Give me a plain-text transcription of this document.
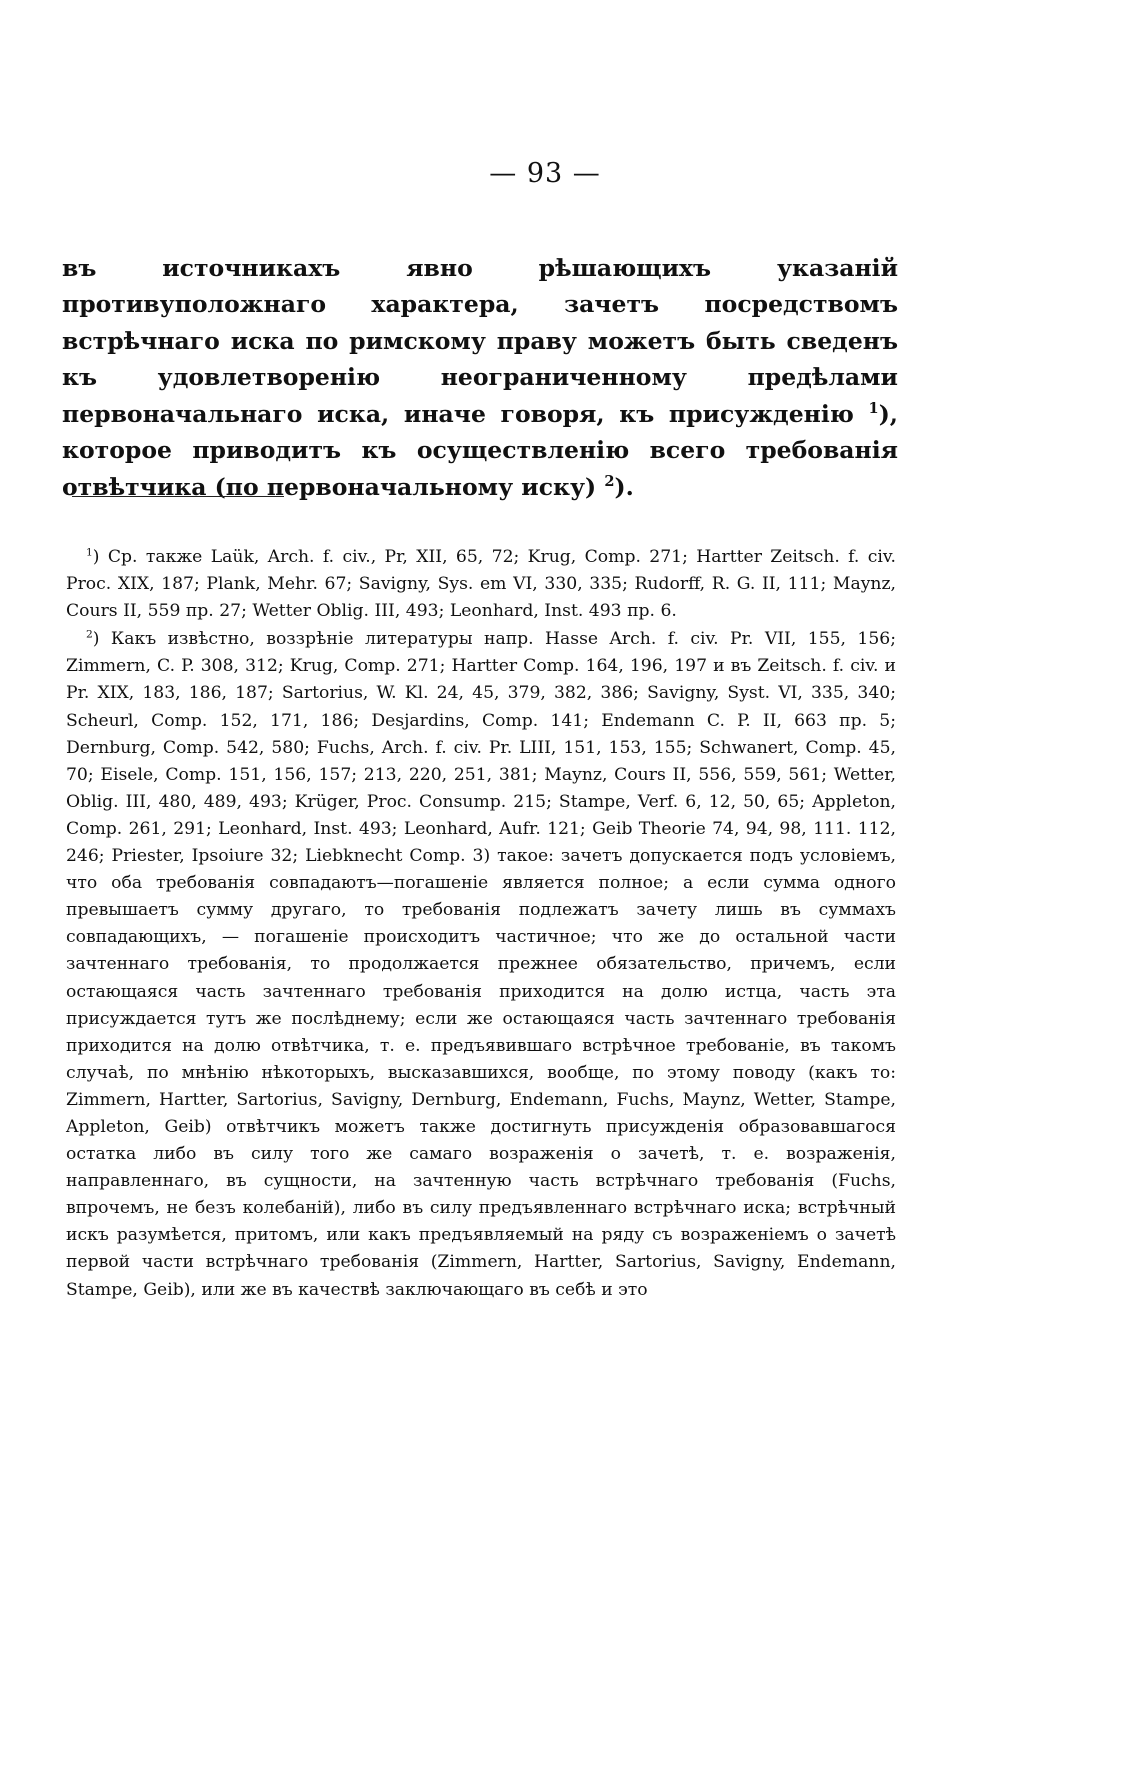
— 93 —

въ источникахъ явно рѣшающихъ указаній противуположнаго характера, зачетъ посредствомъ встрѣчнаго иска по римскому праву можетъ быть сведенъ къ удовлетворенію неограниченному предѣлами первоначальнаго иска, иначе говоря, къ присужденію $^1$), которое приводитъ къ осуществленію всего требованія отвѣтчика (по первоначальному иску) $^2$).

$^1$) Ср. также Laük, Arch. f. civ., Pr, XII, 65, 72; Krug, Comp. 271; Hartter Zeitsch. f. civ. Proc. XIX, 187; Plank, Mehr. 67; Savigny, Sys. em VI, 330, 335; Rudorff, R. G. II, 111; Maynz, Cours II, 559 пр. 27; Wetter Oblig. III, 493; Leonhard, Inst. 493 пр. 6.

$^2$) Какъ извѣстно, воззрѣніе литературы напр. Hasse Arch. f. civ. Pr. VII, 155, 156; Zimmern, C. P. 308, 312; Krug, Comp. 271; Hartter Comp. 164, 196, 197 и въ Zeitsch. f. civ. и Pr. XIX, 183, 186, 187; Sartorius, W. Kl. 24, 45, 379, 382, 386; Savigny, Syst. VI, 335, 340; Scheurl, Comp. 152, 171, 186; Desjardins, Comp. 141; Endemann C. P. II, 663 пр. 5; Dernburg, Comp. 542, 580; Fuchs, Arch. f. civ. Pr. LIII, 151, 153, 155; Schwanert, Comp. 45, 70; Eisele, Comp. 151, 156, 157; 213, 220, 251, 381; Maynz, Cours II, 556, 559, 561; Wetter, Oblig. III, 480, 489, 493; Krüger, Proc. Consump. 215; Stampe, Verf. 6, 12, 50, 65; Appleton, Comp. 261, 291; Leonhard, Inst. 493; Leonhard, Aufr. 121; Geib Theorie 74, 94, 98, 111. 112, 246; Priester, Ipsoiure 32; Liebknecht Comp. 3) такое: зачетъ допускается подъ условіемъ, что оба требованія совпадаютъ—погашеніе является полное; а если сумма одного превышаетъ сумму другаго, то требованія подлежатъ зачету лишь въ суммахъ совпадающихъ, — погашеніе происходитъ частичное; что же до остальной части зачтеннаго требованія, то продолжается прежнее обязательство, причемъ, если остающаяся часть зачтеннаго требованія приходится на долю истца, часть эта присуждается тутъ же послѣднему; если же остающаяся часть зачтеннаго требованія приходится на долю отвѣтчика, т. е. предъявившаго встрѣчное требованіе, въ такомъ случаѣ, по мнѣнію нѣкоторыхъ, высказавшихся, вообще, по этому поводу (какъ то: Zimmern, Hartter, Sartorius, Savigny, Dernburg, Endemann, Fuchs, Maynz, Wetter, Stampe, Appleton, Geib) отвѣтчикъ можетъ также достигнуть присужденія образовавшагося остатка либо въ силу того же самаго возраженія о зачетѣ, т. е. возраженія, направленнаго, въ сущности, на зачтенную часть встрѣчнаго требованія (Fuchs, впрочемъ, не безъ колебаній), либо въ силу предъявленнаго встрѣчнаго иска; встрѣчный искъ разумѣется, притомъ, или какъ предъявляемый на ряду съ возраженіемъ о зачетѣ первой части встрѣчнаго требованія (Zimmern, Hartter, Sartorius, Savigny, Endemann, Stampe, Geib), или же въ качествѣ заключающаго въ себѣ и это
